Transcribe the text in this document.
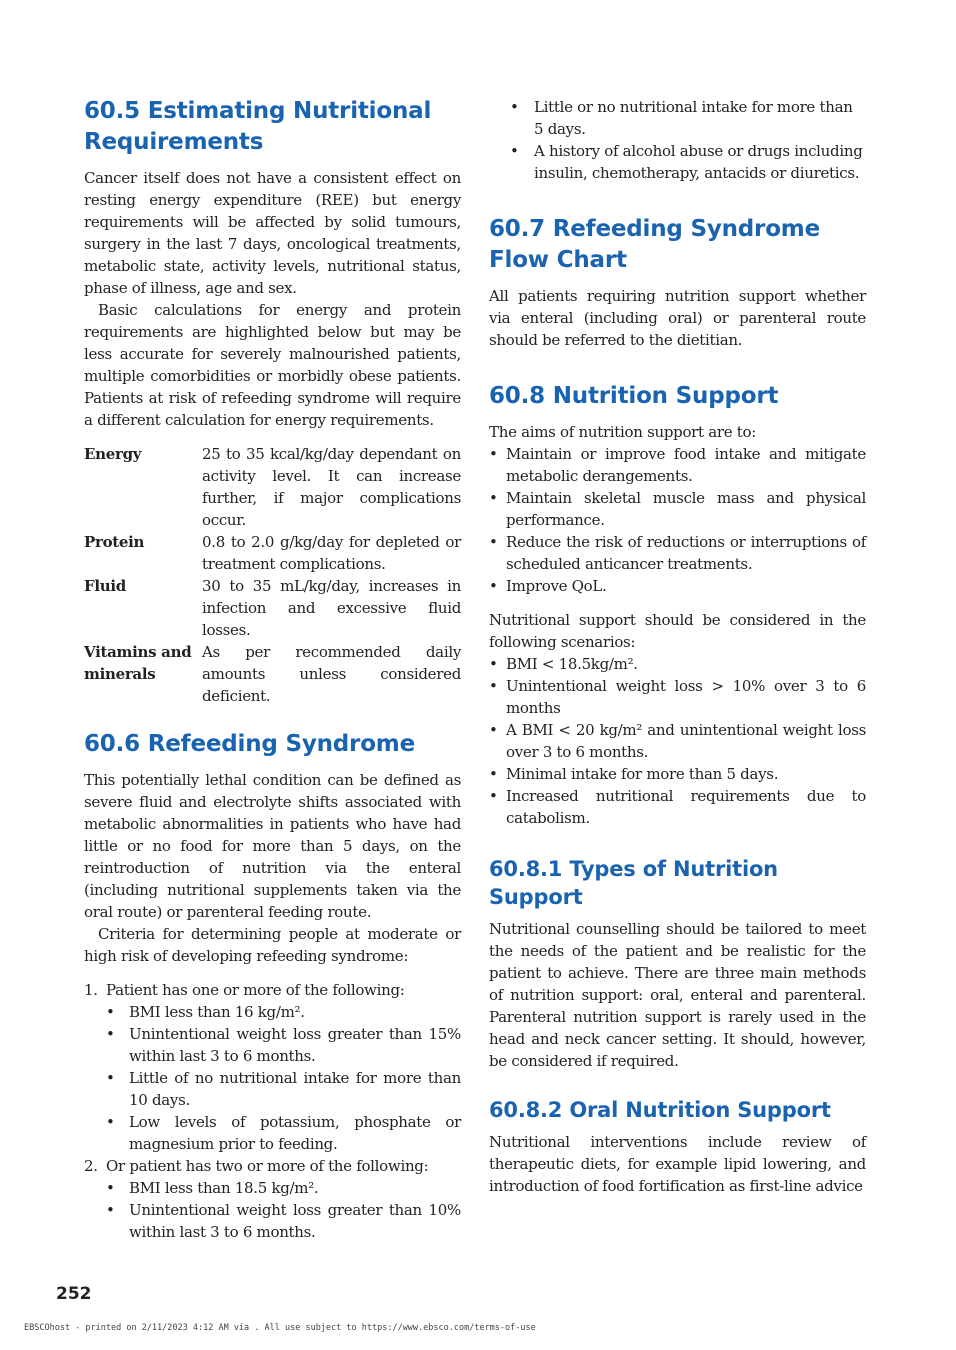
60.5 Estimating Nutritional Requirements

Cancer itself does not have a consistent effect on resting energy expenditure (REE) but energy requirements will be affected by solid tumours, surgery in the last 7 days, oncological treatments, metabolic state, activity levels, nutritional status, phase of illness, age and sex.

Basic calculations for energy and protein requirements are highlighted below but may be less accurate for severely malnourished patients, multiple comorbidities or morbidly obese patients. Patients at risk of refeeding syndrome will require a different calculation for energy requirements.

Energy	25 to 35 kcal/kg/day dependant on activity level. It can increase further, if major complications occur.
Protein	0.8 to 2.0 g/kg/day for depleted or treatment complications.
Fluid	30 to 35 mL/kg/day, increases in infection and excessive fluid losses.
Vitamins and minerals	As per recommended daily amounts unless considered deficient.
60.6 Refeeding Syndrome

This potentially lethal condition can be defined as severe fluid and electrolyte shifts associated with metabolic abnormalities in patients who have had little or no food for more than 5 days, on the reintroduction of nutrition via the enteral (including nutritional supplements taken via the oral route) or parenteral feeding route.

Criteria for determining people at moderate or high risk of developing refeeding syndrome:

1. Patient has one or more of the following:
• BMI less than 16 kg/m².
• Unintentional weight loss greater than 15% within last 3 to 6 months.
• Little of no nutritional intake for more than 10 days.
• Low levels of potassium, phosphate or magnesium prior to feeding.
2. Or patient has two or more of the following:
• BMI less than 18.5 kg/m².
• Unintentional weight loss greater than 10% within last 3 to 6 months.
• Little or no nutritional intake for more than 5 days.
• A history of alcohol abuse or drugs including insulin, chemotherapy, antacids or diuretics.
60.7 Refeeding Syndrome Flow Chart

All patients requiring nutrition support whether via enteral (including oral) or parenteral route should be referred to the dietitian.

60.8 Nutrition Support

The aims of nutrition support are to:

• Maintain or improve food intake and mitigate metabolic derangements.
• Maintain skeletal muscle mass and physical performance.
• Reduce the risk of reductions or interruptions of scheduled anticancer treatments.
• Improve QoL.

Nutritional support should be considered in the following scenarios:

• BMI < 18.5kg/m².
• Unintentional weight loss > 10% over 3 to 6 months
• A BMI < 20 kg/m² and unintentional weight loss over 3 to 6 months.
• Minimal intake for more than 5 days.
• Increased nutritional requirements due to catabolism.
60.8.1 Types of Nutrition Support

Nutritional counselling should be tailored to meet the needs of the patient and be realistic for the patient to achieve. There are three main methods of nutrition support: oral, enteral and parenteral. Parenteral nutrition support is rarely used in the head and neck cancer setting. It should, however, be considered if required.

60.8.2 Oral Nutrition Support

Nutritional interventions include review of therapeutic diets, for example lipid lowering, and introduction of food fortification as first-line advice

252
EBSCOhost - printed on 2/11/2023 4:12 AM via . All use subject to https://www.ebsco.com/terms-of-use
